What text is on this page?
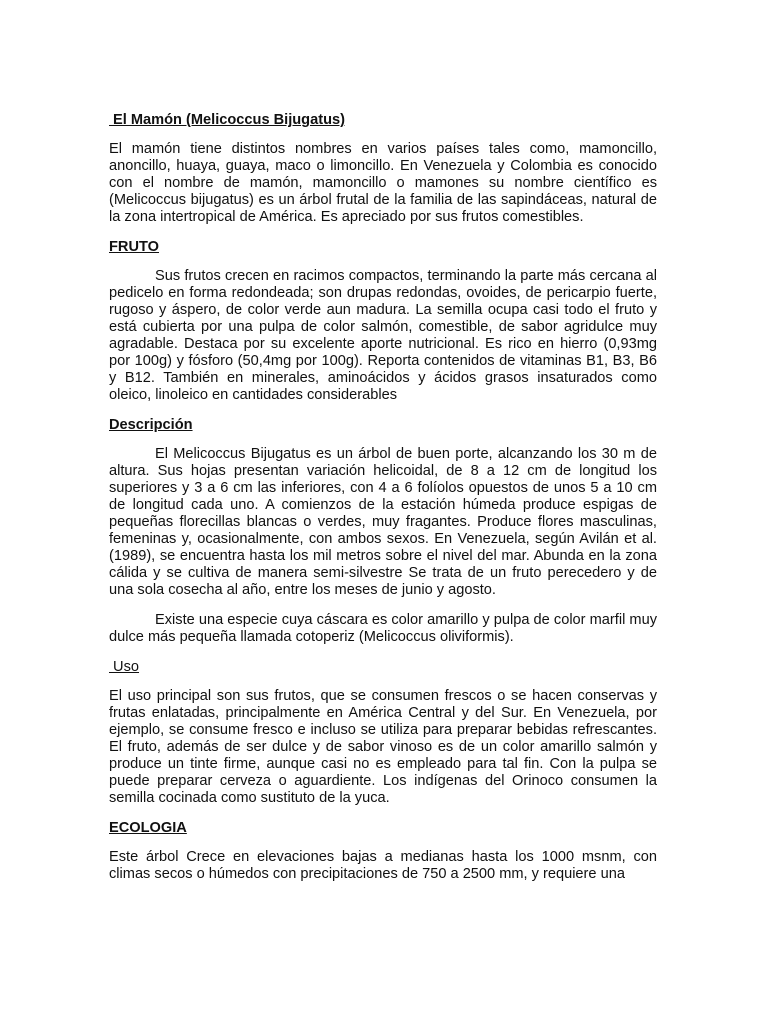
El Mamón (Melicoccus Bijugatus)
El mamón tiene distintos nombres en varios países tales como, mamoncillo, anoncillo, huaya, guaya, maco o limoncillo. En Venezuela y Colombia es conocido con el nombre de mamón, mamoncillo o mamones su nombre científico es (Melicoccus bijugatus) es un árbol frutal de la familia de las sapindáceas, natural de la zona intertropical de América. Es apreciado por sus frutos comestibles.
FRUTO
Sus frutos crecen en racimos compactos, terminando la parte más cercana al pedicelo en forma redondeada; son drupas redondas, ovoides, de pericarpio fuerte, rugoso y áspero, de color verde aun madura. La semilla ocupa casi todo el fruto y está cubierta por una pulpa de color salmón, comestible, de sabor agridulce muy agradable. Destaca por su excelente aporte nutricional. Es rico en hierro (0,93mg por 100g) y fósforo (50,4mg por 100g). Reporta contenidos de vitaminas B1, B3, B6 y B12. También en minerales, aminoácidos y ácidos grasos insaturados como oleico, linoleico en cantidades considerables
Descripción
El Melicoccus Bijugatus es un árbol de buen porte, alcanzando los 30 m de altura. Sus hojas presentan variación helicoidal, de 8 a 12 cm de longitud los superiores y 3 a 6 cm las inferiores, con 4 a 6 folíolos opuestos de unos 5 a 10 cm de longitud cada uno. A comienzos de la estación húmeda produce espigas de pequeñas florecillas blancas o verdes, muy fragantes. Produce flores masculinas, femeninas y, ocasionalmente, con ambos sexos. En Venezuela, según Avilán et al. (1989), se encuentra hasta los mil metros sobre el nivel del mar. Abunda en la zona cálida y se cultiva de manera semi-silvestre Se trata de un fruto perecedero y de una sola cosecha al año, entre los meses de junio y agosto.
Existe una especie cuya cáscara es color amarillo y pulpa de color marfil muy dulce más pequeña llamada cotoperiz (Melicoccus oliviformis).
Uso
El uso principal son sus frutos, que se consumen frescos o se hacen conservas y frutas enlatadas, principalmente en América Central y del Sur. En Venezuela, por ejemplo, se consume fresco e incluso se utiliza para preparar bebidas refrescantes. El fruto, además de ser dulce y de sabor vinoso es de un color amarillo salmón y produce un tinte firme, aunque casi no es empleado para tal fin. Con la pulpa se puede preparar cerveza o aguardiente. Los indígenas del Orinoco consumen la semilla cocinada como sustituto de la yuca.
ECOLOGIA
Este árbol Crece en elevaciones bajas a medianas hasta los 1000 msnm, con climas secos o húmedos con precipitaciones de 750 a 2500 mm, y requiere una
